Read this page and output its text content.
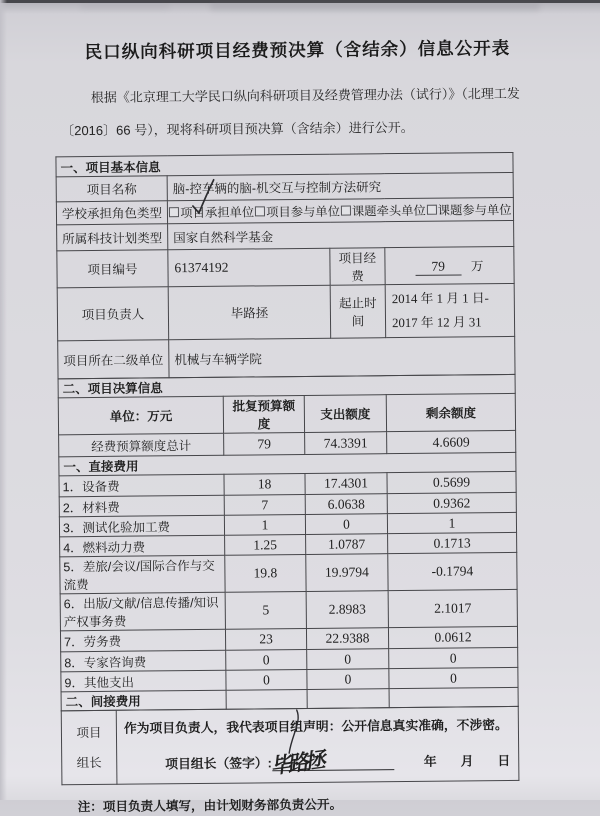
民口纵向科研项目经费预决算（含结余）信息公开表
根据《北京理工大学民口纵向科研项目及经费管理办法（试行）》（北理工发
〔2016〕66 号），现将科研项目预决算（含结余）进行公开。
一、项目基本信息			
项目名称	脑-控车辆的脑-机交互与控制方法研究		
学校承担角色类型	项目承担单位 项目参与单位 课题牵头单位 课题参与单位		

所属科技计划类型	国家自然科学基金		
项目编号	61374192	项目经费	79 万
项目负责人	毕路拯	起止时间	2014 年 1 月 1 日-
2017 年 12 月 31

项目所在二级单位	机械与车辆学院		
二、项目决算信息			
单位：万元	批复预算额度	支出额度	剩余额度
经费预算额度总计	79	74.3391	4.6609
一、直接费用			
1．设备费	18	17.4301	0.5699
2．材料费	7	6.0638	0.9362
3．测试化验加工费	1	0	1
4．燃料动力费	1.25	1.0787	0.1713
5．差旅/会议/国际合作与交流费	19.8	19.9794	-0.1794
6．出版/文献/信息传播/知识产权事务费	5	2.8983	2.1017
7．劳务费	23	22.9388	0.0612
8．专家咨询费	0	0	0
9．其他支出	0	0	0
二、间接费用			
项目
组长

作为项目负责人，我代表项目组声明：公开信息真实准确，不涉密。
项目组长（签字）:
毕路拯	年 月 日
注：项目负责人填写，由计划财务部负责公开。
